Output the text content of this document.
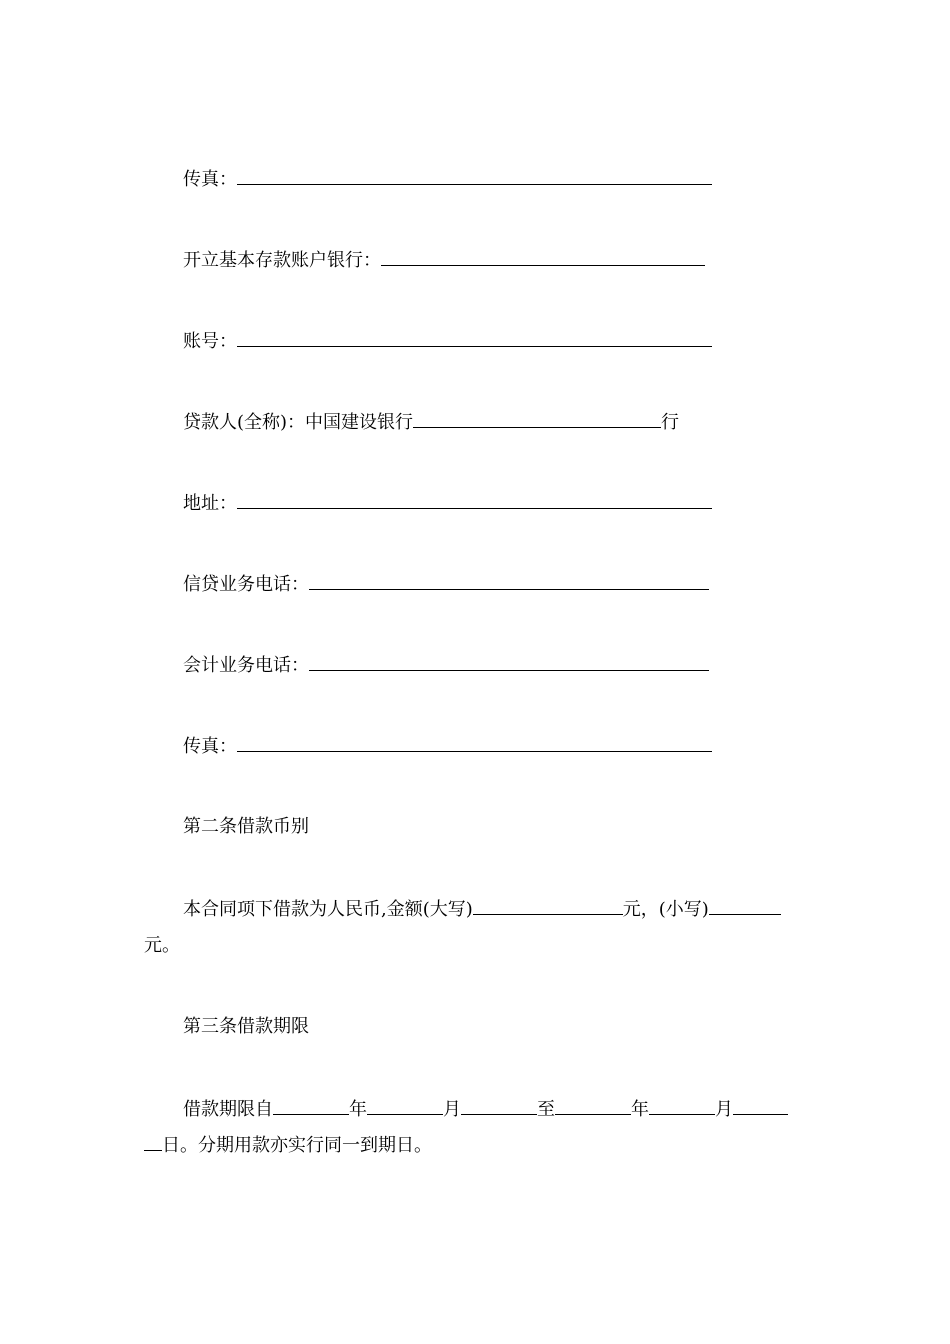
传真：
开立基本存款账户银行：
账号：
贷款人(全称)：中国建设银行	行
地址：
信贷业务电话：
会计业务电话：
传真：
第二条借款币别
本合同项下借款为人民币,金额(大写)	元，(小写)元。
第三条借款期限
借款期限自	年	月	至	年	月日。分期用款亦实行同一到期日。
